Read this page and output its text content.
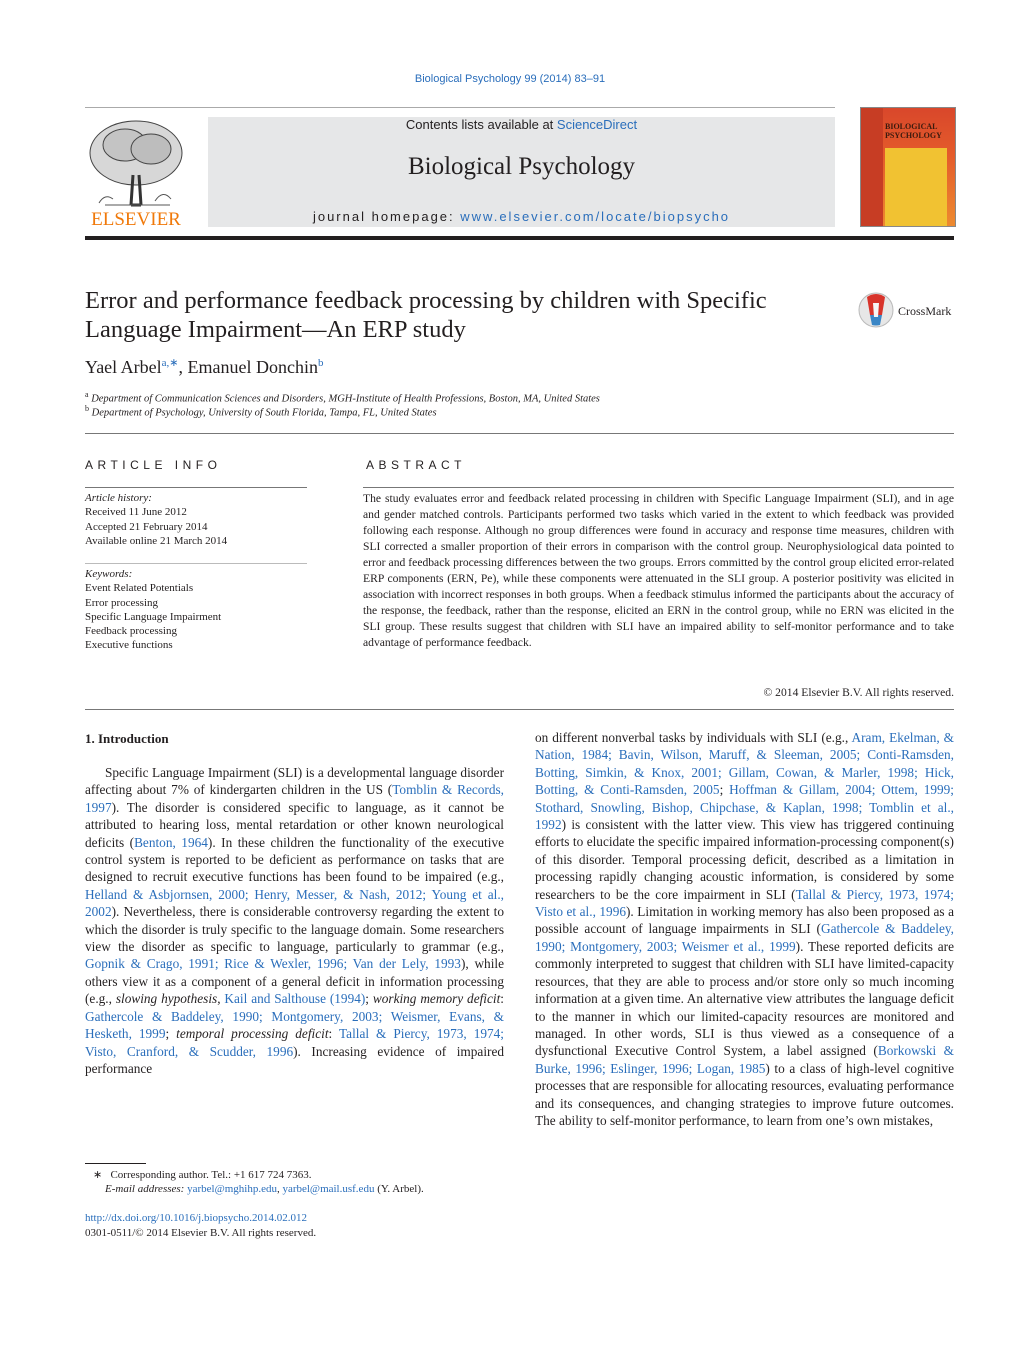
Biological Psychology 99 (2014) 83–91
ELSEVIER
Contents lists available at ScienceDirect
Biological Psychology
journal homepage: www.elsevier.com/locate/biopsycho
BIOLOGICAL
PSYCHOLOGY
Error and performance feedback processing by children with Specific
Language Impairment—An ERP study
CrossMark
Yael Arbel$^{a,∗}$, Emanuel Donchin$^b$
$^a$ Department of Communication Sciences and Disorders, MGH-Institute of Health Professions, Boston, MA, United States
$^b$ Department of Psychology, University of South Florida, Tampa, FL, United States
ARTICLE INFO
Article history:
Received 11 June 2012
Accepted 21 February 2014
Available online 21 March 2014
Keywords:
Event Related Potentials
Error processing
Specific Language Impairment
Feedback processing
Executive functions
ABSTRACT
The study evaluates error and feedback related processing in children with Specific Language Impairment (SLI), and in age and gender matched controls. Participants performed two tasks which varied in the extent to which feedback was provided following each response. Although no group differences were found in accuracy and response time measures, children with SLI corrected a smaller proportion of their errors in comparison with the control group. Neurophysiological data pointed to error and feedback processing differences between the two groups. Errors committed by the control group elicited error-related ERP components (ERN, Pe), while these components were attenuated in the SLI group. A posterior positivity was elicited in association with incorrect responses in both groups. When a feedback stimulus informed the participants about the accuracy of the response, the feedback, rather than the response, elicited an ERN in the control group, while no ERN was elicited in the SLI group. These results suggest that children with SLI have an impaired ability to self-monitor performance and to take advantage of performance feedback.
© 2014 Elsevier B.V. All rights reserved.
1. Introduction
Specific Language Impairment (SLI) is a developmental language disorder affecting about 7% of kindergarten children in the US (Tomblin & Records, 1997). The disorder is considered specific to language, as it cannot be attributed to hearing loss, mental retardation or other known neurological deficits (Benton, 1964). In these children the functionality of the executive control system is reported to be deficient as performance on tasks that are designed to recruit executive functions has been found to be impaired (e.g., Helland & Asbjornsen, 2000; Henry, Messer, & Nash, 2012; Young et al., 2002). Nevertheless, there is considerable controversy regarding the extent to which the disorder is truly specific to the language domain. Some researchers view the disorder as specific to language, particularly to grammar (e.g., Gopnik & Crago, 1991; Rice & Wexler, 1996; Van der Lely, 1993), while others view it as a component of a general deficit in information processing (e.g., slowing hypothesis, Kail and Salthouse (1994); working memory deficit: Gathercole & Baddeley, 1990; Montgomery, 2003; Weismer, Evans, & Hesketh, 1999; temporal processing deficit: Tallal & Piercy, 1973, 1974; Visto, Cranford, & Scudder, 1996). Increasing evidence of impaired performance
on different nonverbal tasks by individuals with SLI (e.g., Aram, Ekelman, & Nation, 1984; Bavin, Wilson, Maruff, & Sleeman, 2005; Conti-Ramsden, Botting, Simkin, & Knox, 2001; Gillam, Cowan, & Marler, 1998; Hick, Botting, & Conti-Ramsden, 2005; Hoffman & Gillam, 2004; Ottem, 1999; Stothard, Snowling, Bishop, Chipchase, & Kaplan, 1998; Tomblin et al., 1992) is consistent with the latter view. This view has triggered continuing efforts to elucidate the specific impaired information-processing component(s) of this disorder. Temporal processing deficit, described as a limitation in processing rapidly changing acoustic information, is considered by some researchers to be the core impairment in SLI (Tallal & Piercy, 1973, 1974; Visto et al., 1996). Limitation in working memory has also been proposed as a possible account of language impairments in SLI (Gathercole & Baddeley, 1990; Montgomery, 2003; Weismer et al., 1999). These reported deficits are commonly interpreted to suggest that children with SLI have limited-capacity resources, that they are able to process and/or store only so much incoming information at a given time. An alternative view attributes the language deficit to the manner in which our limited-capacity resources are monitored and managed. In other words, SLI is thus viewed as a consequence of a dysfunctional Executive Control System, a label assigned (Borkowski & Burke, 1996; Eslinger, 1996; Logan, 1985) to a class of high-level cognitive processes that are responsible for allocating resources, evaluating performance and its consequences, and changing strategies to improve future outcomes. The ability to self-monitor performance, to learn from one’s own mistakes,
∗ Corresponding author. Tel.: +1 617 724 7363.
E-mail addresses: yarbel@mghihp.edu, yarbel@mail.usf.edu (Y. Arbel).
http://dx.doi.org/10.1016/j.biopsycho.2014.02.012
0301-0511/© 2014 Elsevier B.V. All rights reserved.
